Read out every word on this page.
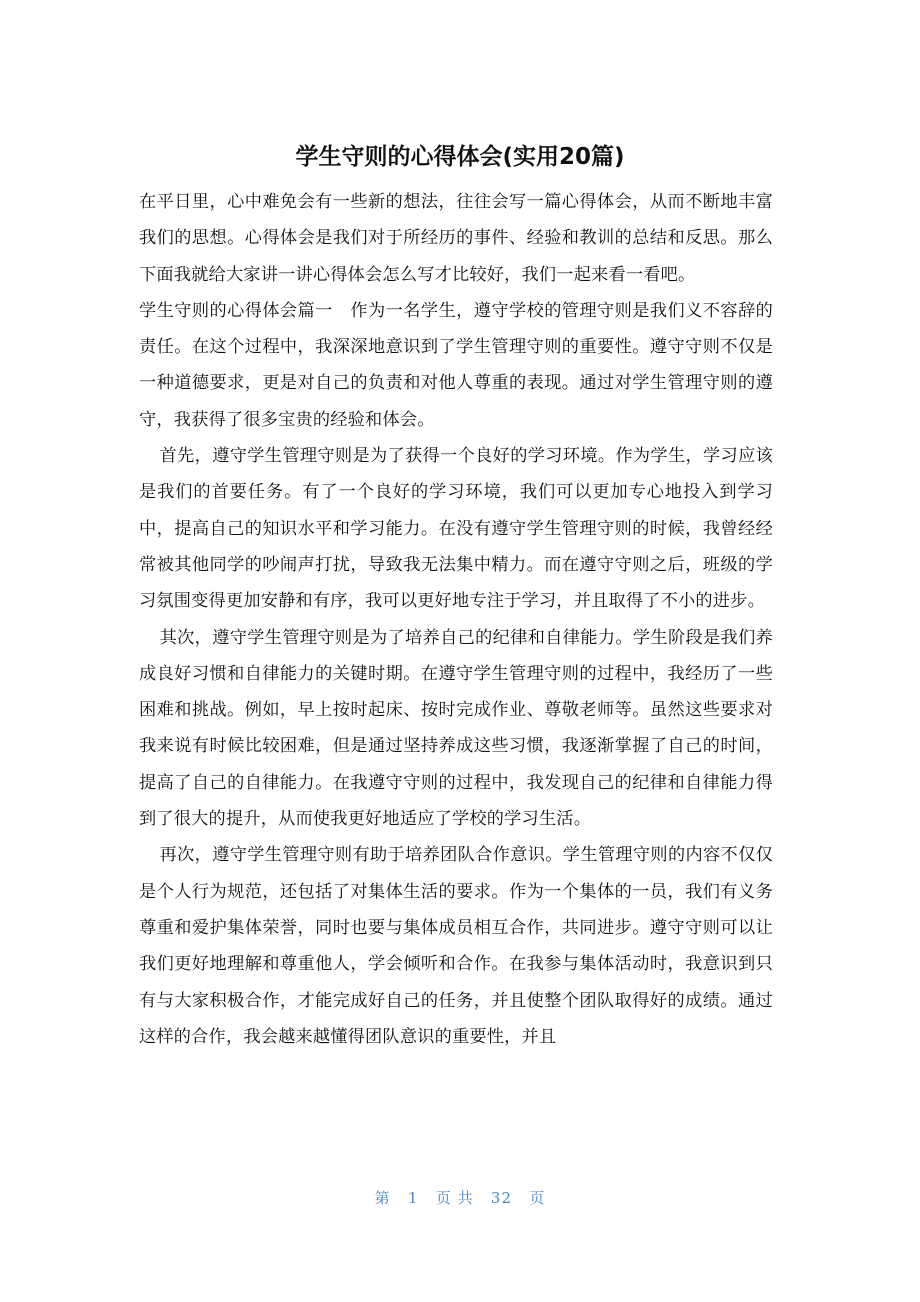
学生守则的心得体会(实用20篇)

在平日里，心中难免会有一些新的想法，往往会写一篇心得体会，从而不断地丰富我们的思想。心得体会是我们对于所经历的事件、经验和教训的总结和反思。那么下面我就给大家讲一讲心得体会怎么写才比较好，我们一起来看一看吧。

学生守则的心得体会篇一　作为一名学生，遵守学校的管理守则是我们义不容辞的责任。在这个过程中，我深深地意识到了学生管理守则的重要性。遵守守则不仅是一种道德要求，更是对自己的负责和对他人尊重的表现。通过对学生管理守则的遵守，我获得了很多宝贵的经验和体会。

首先，遵守学生管理守则是为了获得一个良好的学习环境。作为学生，学习应该是我们的首要任务。有了一个良好的学习环境，我们可以更加专心地投入到学习中，提高自己的知识水平和学习能力。在没有遵守学生管理守则的时候，我曾经经常被其他同学的吵闹声打扰，导致我无法集中精力。而在遵守守则之后，班级的学习氛围变得更加安静和有序，我可以更好地专注于学习，并且取得了不小的进步。

其次，遵守学生管理守则是为了培养自己的纪律和自律能力。学生阶段是我们养成良好习惯和自律能力的关键时期。在遵守学生管理守则的过程中，我经历了一些困难和挑战。例如，早上按时起床、按时完成作业、尊敬老师等。虽然这些要求对我来说有时候比较困难，但是通过坚持养成这些习惯，我逐渐掌握了自己的时间，提高了自己的自律能力。在我遵守守则的过程中，我发现自己的纪律和自律能力得到了很大的提升，从而使我更好地适应了学校的学习生活。

再次，遵守学生管理守则有助于培养团队合作意识。学生管理守则的内容不仅仅是个人行为规范，还包括了对集体生活的要求。作为一个集体的一员，我们有义务尊重和爱护集体荣誉，同时也要与集体成员相互合作，共同进步。遵守守则可以让我们更好地理解和尊重他人，学会倾听和合作。在我参与集体活动时，我意识到只有与大家积极合作，才能完成好自己的任务，并且使整个团队取得好的成绩。通过这样的合作，我会越来越懂得团队意识的重要性，并且

第 1 页 共 32 页
